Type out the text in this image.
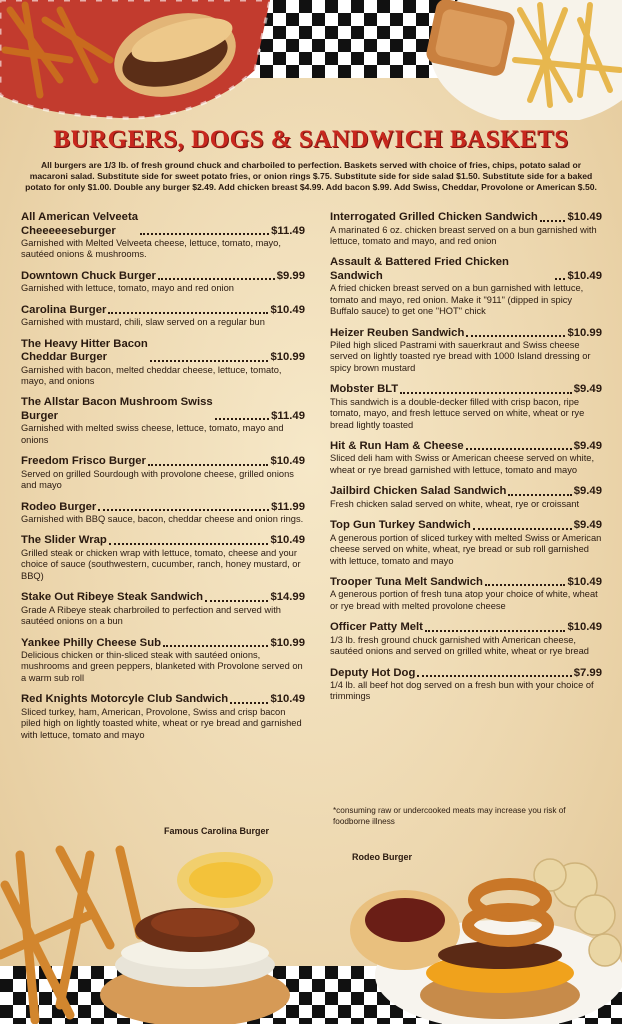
BURGERS, DOGS & SANDWICH BASKETS
All burgers are 1/3 lb. of fresh ground chuck and charboiled to perfection. Baskets served with choice of fries, chips, potato salad or macaroni salad. Substitute side for sweet potato fries, or onion rings $.75. Substitute side for side salad $1.50. Substitute side for a baked potato for only $1.00. Double any burger $2.49. Add chicken breast $4.99. Add bacon $.99. Add Swiss, Cheddar, Provolone or American $.50.
All American Velveeta
Cheeeeeseburger	$11.49
Garnished with Melted Velveeta cheese, lettuce, tomato, mayo, sautéed onions & mushrooms.
Downtown Chuck Burger	$9.99
Garnished with lettuce, tomato, mayo and red onion
Carolina Burger	$10.49
Garnished with mustard, chili, slaw served on a regular bun
The Heavy Hitter Bacon
Cheddar Burger	$10.99
Garnished with bacon, melted cheddar cheese, lettuce, tomato, mayo, and onions
The Allstar Bacon Mushroom Swiss
Burger	$11.49
Garnished with melted swiss cheese, lettuce, tomato, mayo and onions
Freedom Frisco Burger	$10.49
Served on grilled Sourdough with provolone cheese, grilled onions and mayo
Rodeo Burger	$11.99
Garnished with BBQ sauce, bacon, cheddar cheese and onion rings.
The Slider Wrap	$10.49
Grilled steak or chicken wrap with lettuce, tomato, cheese and your choice of sauce (southwestern, cucumber, ranch, honey mustard, or BBQ)
Stake Out Ribeye Steak Sandwich	$14.99
Grade A Ribeye steak charbroiled to perfection and served with sautéed onions on a bun
Yankee Philly Cheese Sub	$10.99
Delicious chicken or thin-sliced steak with sautéed onions, mushrooms and green peppers, blanketed with Provolone served on a warm sub roll
Red Knights Motorcyle Club Sandwich	$10.49
Sliced turkey, ham, American, Provolone, Swiss and crisp bacon piled high on lightly toasted white, wheat or rye bread and garnished with lettuce, tomato and mayo
Interrogated Grilled Chicken Sandwich	$10.49
A marinated 6 oz. chicken breast served on a bun garnished with lettuce, tomato and mayo, and red onion
Assault & Battered Fried Chicken Sandwich	$10.49
A fried chicken breast served on a bun garnished with lettuce, tomato and mayo, red onion. Make it "911" (dipped in spicy Buffalo sauce) to get one "HOT" chick
Heizer Reuben Sandwich	$10.99
Piled high sliced Pastrami with sauerkraut and Swiss cheese served on lightly toasted rye bread with 1000 Island dressing or spicy brown mustard
Mobster BLT	$9.49
This sandwich is a double-decker filled with crisp bacon, ripe tomato, mayo, and fresh lettuce served on white, wheat or rye bread lightly toasted
Hit & Run Ham & Cheese	$9.49
Sliced deli ham with Swiss or American cheese served on white, wheat or rye bread garnished with lettuce, tomato and mayo
Jailbird Chicken Salad Sandwich	$9.49
Fresh chicken salad served on white, wheat, rye or croissant
Top Gun Turkey Sandwich	$9.49
A generous portion of sliced turkey with melted Swiss or American cheese served on white, wheat, rye bread or sub roll garnished with lettuce, tomato and mayo
Trooper Tuna Melt Sandwich	$10.49
A generous portion of fresh tuna atop your choice of white, wheat or rye bread with melted provolone cheese
Officer Patty Melt	$10.49
1/3 lb. fresh ground chuck garnished with American cheese, sautéed onions and served on grilled white, wheat or rye bread
Deputy Hot Dog	$7.99
1/4 lb. all beef hot dog served on a fresh bun with your choice of trimmings
*consuming raw or undercooked meats may increase you risk of foodborne illness
Famous Carolina Burger
Rodeo Burger
